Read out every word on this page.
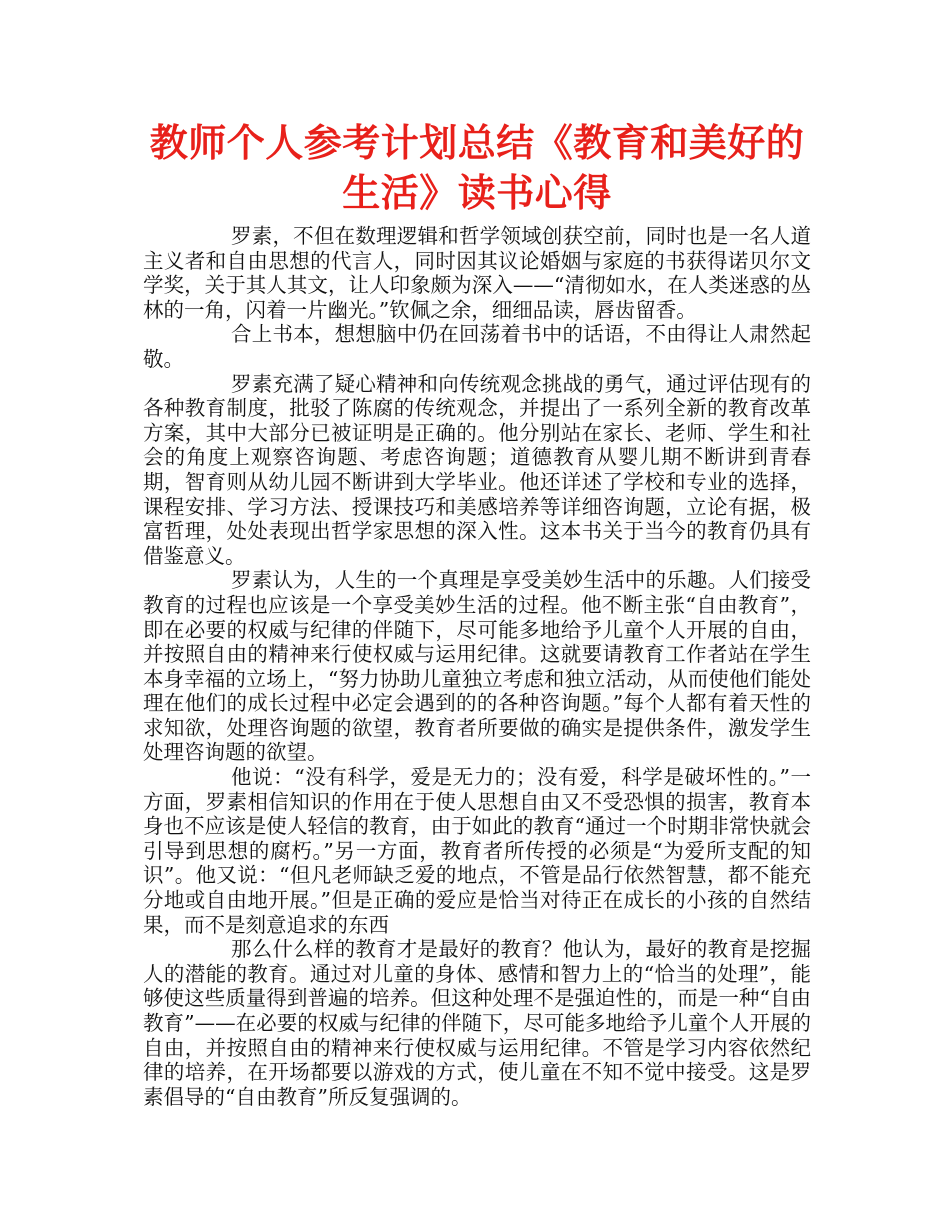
教师个人参考计划总结《教育和美好的生活》读书心得

罗素，不但在数理逻辑和哲学领域创获空前，同时也是一名人道主义者和自由思想的代言人，同时因其议论婚姻与家庭的书获得诺贝尔文学奖，关于其人其文，让人印象颇为深入——“清彻如水，在人类迷惑的丛林的一角，闪着一片幽光。”钦佩之余，细细品读，唇齿留香。

合上书本，想想脑中仍在回荡着书中的话语，不由得让人肃然起敬。

罗素充满了疑心精神和向传统观念挑战的勇气，通过评估现有的各种教育制度，批驳了陈腐的传统观念，并提出了一系列全新的教育改革方案，其中大部分已被证明是正确的。他分别站在家长、老师、学生和社会的角度上观察咨询题、考虑咨询题；道德教育从婴儿期不断讲到青春期，智育则从幼儿园不断讲到大学毕业。他还详述了学校和专业的选择，课程安排、学习方法、授课技巧和美感培养等详细咨询题，立论有据，极富哲理，处处表现出哲学家思想的深入性。这本书关于当今的教育仍具有借鉴意义。

罗素认为，人生的一个真理是享受美妙生活中的乐趣。人们接受教育的过程也应该是一个享受美妙生活的过程。他不断主张“自由教育”，即在必要的权威与纪律的伴随下，尽可能多地给予儿童个人开展的自由，并按照自由的精神来行使权威与运用纪律。这就要请教育工作者站在学生本身幸福的立场上，“努力协助儿童独立考虑和独立活动，从而使他们能处理在他们的成长过程中必定会遇到的的各种咨询题。”每个人都有着天性的求知欲，处理咨询题的欲望，教育者所要做的确实是提供条件，激发学生处理咨询题的欲望。

他说：“没有科学，爱是无力的；没有爱，科学是破坏性的。”一方面，罗素相信知识的作用在于使人思想自由又不受恐惧的损害，教育本身也不应该是使人轻信的教育，由于如此的教育“通过一个时期非常快就会引导到思想的腐朽。”另一方面，教育者所传授的必须是“为爱所支配的知识”。他又说：“但凡老师缺乏爱的地点，不管是品行依然智慧，都不能充分地或自由地开展。”但是正确的爱应是恰当对待正在成长的小孩的自然结果，而不是刻意追求的东西

那么什么样的教育才是最好的教育？他认为，最好的教育是挖掘人的潜能的教育。通过对儿童的身体、感情和智力上的“恰当的处理”，能够使这些质量得到普遍的培养。但这种处理不是强迫性的，而是一种“自由教育”——在必要的权威与纪律的伴随下，尽可能多地给予儿童个人开展的自由，并按照自由的精神来行使权威与运用纪律。不管是学习内容依然纪律的培养，在开场都要以游戏的方式，使儿童在不知不觉中接受。这是罗素倡导的“自由教育”所反复强调的。
